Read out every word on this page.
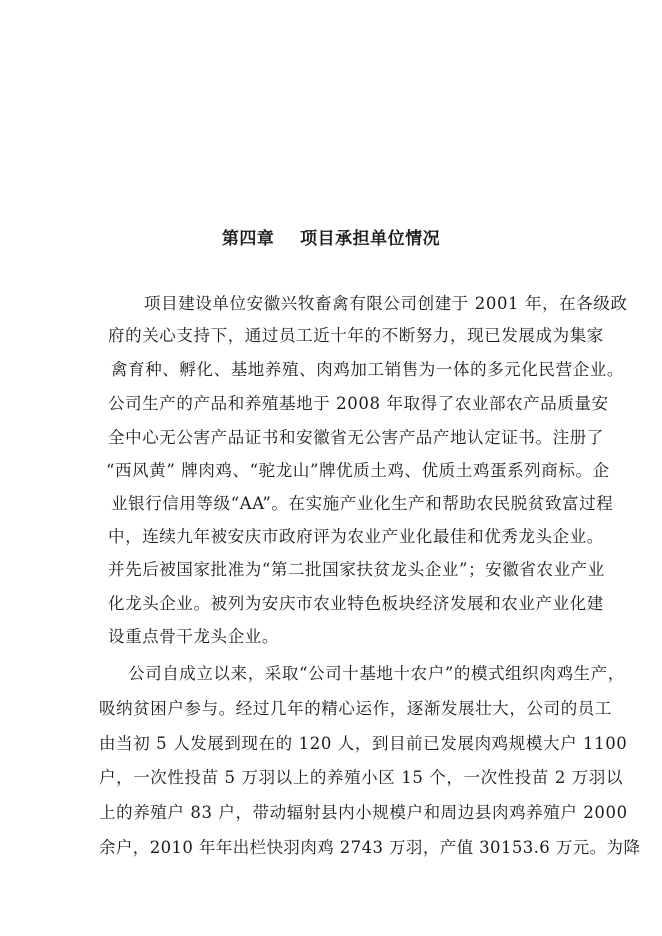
第四章    项目承担单位情况
项目建设单位安徽兴牧畜禽有限公司创建于 2001 年，在各级政
府的关心支持下，通过员工近十年的不断努力，现已发展成为集家
禽育种、孵化、基地养殖、肉鸡加工销售为一体的多元化民营企业。
公司生产的产品和养殖基地于 2008 年取得了农业部农产品质量安
全中心无公害产品证书和安徽省无公害产品产地认定证书。注册了
“西风黄” 牌肉鸡、“驼龙山”牌优质土鸡、优质土鸡蛋系列商标。企
业银行信用等级“AA”。在实施产业化生产和帮助农民脱贫致富过程
中，连续九年被安庆市政府评为农业产业化最佳和优秀龙头企业。
并先后被国家批准为“第二批国家扶贫龙头企业”；安徽省农业产业
化龙头企业。被列为安庆市农业特色板块经济发展和农业产业化建
设重点骨干龙头企业。
公司自成立以来，采取“公司十基地十农户”的模式组织肉鸡生产，
吸纳贫困户参与。经过几年的精心运作，逐渐发展壮大，公司的员工
由当初 5 人发展到现在的 120 人，到目前已发展肉鸡规模大户 1100
户，一次性投苗 5 万羽以上的养殖小区 15 个，一次性投苗 2 万羽以
上的养殖户 83 户，带动辐射县内小规模户和周边县肉鸡养殖户 2000
余户，2010 年年出栏快羽肉鸡 2743 万羽，产值 30153.6 万元。为降
